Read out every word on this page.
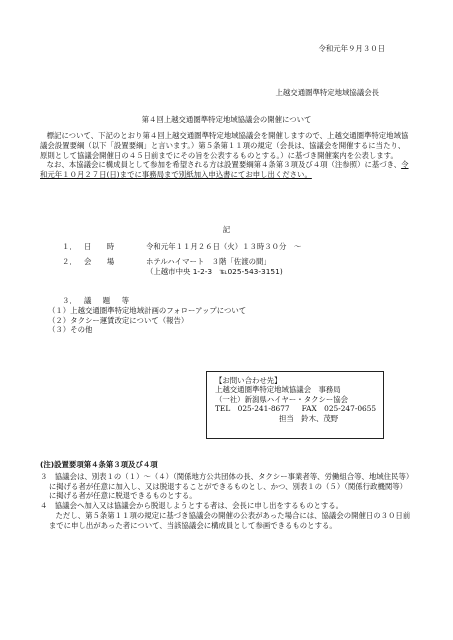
令和元年９月３０日
上越交通圏準特定地域協議会長
第４回上越交通圏準特定地域協議会の開催について

標記について、下記のとおり第４回上越交通圏準特定地域協議会を開催しますので、上越交通圏準特定地域協議会設置要綱（以下「設置要綱」と言います。）第５条第１１項の規定（会長は、協議会を開催するに当たり、原則として協議会開催日の４５日前までにその旨を公表するものとする。）に基づき開催案内を公表します。

なお、本協議会に構成員として参加を希望される方は設置要綱第４条第３項及び４項（注参照）に基づき、令和元年１０月２７日(日)までに事務局まで別紙加入申込書にてお申し出ください。

記
１． 日　時	令和元年１１月２６日（火）１３時３０分　～
２． 会　場	ホテルハイマート　３階「佐渡の間」
（上越市中央 1-2-3　℡025-543-3151)
３． 議　題　等
（１）上越交通圏準特定地域計画のフォローアップについて
（２）タクシー運賃改定について（報告）
（３）その他
【お問い合わせ先】
上越交通圏準特定地域協議会　事務局
（一社）新潟県ハイヤー・タクシー協会
TEL　025-241-8677 FAX　025-247-0655
担当　鈴木、茂野
(注)設置要項第４条第３項及び４項

３　協議会は、別表１の（１）～（４）（関係地方公共団体の長、タクシー事業者等、労働組合等、地域住民等）に掲げる者が任意に加入し、又は脱退することができるものとし、かつ、別表１の（５）（関係行政機関等）に掲げる者が任意に脱退できるものとする。

４　協議会へ加入又は協議会から脱退しようとする者は、会長に申し出をするものとする。

ただし、第５条第１１項の規定に基づき協議会の開催の公表があった場合には、協議会の開催日の３０日前までに申し出があった者について、当該協議会に構成員として参画できるものとする。
